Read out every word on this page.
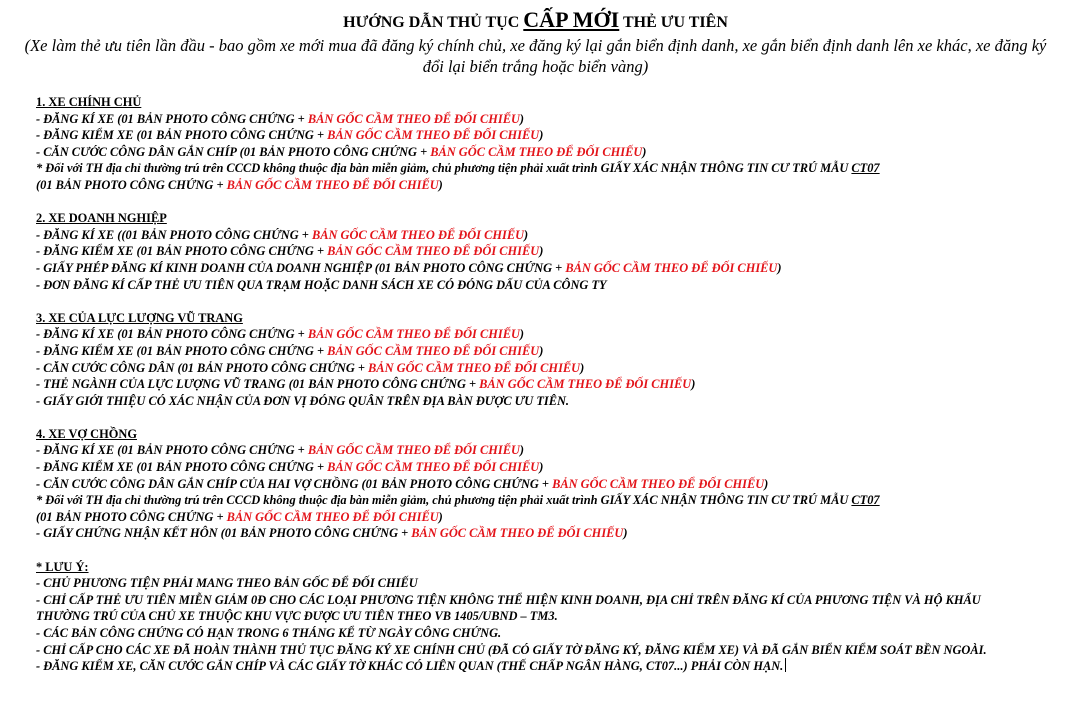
HƯỚNG DẪN THỦ TỤC CẤP MỚI THẺ ƯU TIÊN
(Xe làm thẻ ưu tiên lần đầu - bao gồm xe mới mua đã đăng ký chính chủ, xe đăng ký lại gắn biển định danh, xe gắn biển định danh lên xe khác, xe đăng ký đổi lại biển trắng hoặc biển vàng)
1. XE CHÍNH CHỦ
- ĐĂNG KÍ XE (01 BẢN PHOTO CÔNG CHỨNG + BẢN GỐC CẦM THEO ĐỂ ĐỐI CHIẾU)
- ĐĂNG KIỂM XE (01 BẢN PHOTO CÔNG CHỨNG + BẢN GỐC CẦM THEO ĐỂ ĐỐI CHIẾU)
- CĂN CƯỚC CÔNG DÂN GẮN CHÍP (01 BẢN PHOTO CÔNG CHỨNG + BẢN GỐC CẦM THEO ĐỂ ĐỐI CHIẾU)
* Đối với TH địa chỉ thường trú trên CCCD không thuộc địa bàn miễn giảm, chủ phương tiện phải xuất trình GIẤY XÁC NHẬN THÔNG TIN CƯ TRÚ MẪU CT07
(01 BẢN PHOTO CÔNG CHỨNG + BẢN GỐC CẦM THEO ĐỂ ĐỐI CHIẾU)
2. XE DOANH NGHIỆP
- ĐĂNG KÍ XE ((01 BẢN PHOTO CÔNG CHỨNG + BẢN GỐC CẦM THEO ĐỂ ĐỐI CHIẾU)
- ĐĂNG KIỂM XE (01 BẢN PHOTO CÔNG CHỨNG + BẢN GỐC CẦM THEO ĐỂ ĐỐI CHIẾU)
- GIẤY PHÉP ĐĂNG KÍ KINH DOANH CỦA DOANH NGHIỆP (01 BẢN PHOTO CÔNG CHỨNG + BẢN GỐC CẦM THEO ĐỂ ĐỐI CHIẾU)
- ĐƠN ĐĂNG KÍ CẤP THẺ ƯU TIÊN QUA TRẠM HOẶC DANH SÁCH XE CÓ ĐÓNG DẤU CỦA CÔNG TY
3. XE CỦA LỰC LƯỢNG VŨ TRANG
- ĐĂNG KÍ XE (01 BẢN PHOTO CÔNG CHỨNG + BẢN GỐC CẦM THEO ĐỂ ĐỐI CHIẾU)
- ĐĂNG KIỂM XE (01 BẢN PHOTO CÔNG CHỨNG + BẢN GỐC CẦM THEO ĐỂ ĐỐI CHIẾU)
- CĂN CƯỚC CÔNG DÂN (01 BẢN PHOTO CÔNG CHỨNG + BẢN GỐC CẦM THEO ĐỂ ĐỐI CHIẾU)
- THẺ NGÀNH CỦA LỰC LƯỢNG VŨ TRANG (01 BẢN PHOTO CÔNG CHỨNG + BẢN GỐC CẦM THEO ĐỂ ĐỐI CHIẾU)
- GIẤY GIỚI THIỆU CÓ XÁC NHẬN CỦA ĐƠN VỊ ĐÓNG QUÂN TRÊN ĐỊA BÀN ĐƯỢC ƯU TIÊN.
4. XE VỢ CHỒNG
- ĐĂNG KÍ XE (01 BẢN PHOTO CÔNG CHỨNG + BẢN GỐC CẦM THEO ĐỂ ĐỐI CHIẾU)
- ĐĂNG KIỂM XE (01 BẢN PHOTO CÔNG CHỨNG + BẢN GỐC CẦM THEO ĐỂ ĐỐI CHIẾU)
- CĂN CƯỚC CÔNG DÂN GẮN CHÍP CỦA HAI VỢ CHỒNG (01 BẢN PHOTO CÔNG CHỨNG + BẢN GỐC CẦM THEO ĐỂ ĐỐI CHIẾU)
* Đối với TH địa chỉ thường trú trên CCCD không thuộc địa bàn miễn giảm, chủ phương tiện phải xuất trình GIẤY XÁC NHẬN THÔNG TIN CƯ TRÚ MẪU CT07
(01 BẢN PHOTO CÔNG CHỨNG + BẢN GỐC CẦM THEO ĐỂ ĐỐI CHIẾU)
- GIẤY CHỨNG NHẬN KẾT HÔN (01 BẢN PHOTO CÔNG CHỨNG + BẢN GỐC CẦM THEO ĐỂ ĐỐI CHIẾU)
* LƯU Ý:
- CHỦ PHƯƠNG TIỆN PHẢI MANG THEO BẢN GỐC ĐỂ ĐỐI CHIẾU
- CHỈ CẤP THẺ ƯU TIÊN MIỄN GIẢM 0Đ CHO CÁC LOẠI PHƯƠNG TIỆN KHÔNG THỂ HIỆN KINH DOANH, ĐỊA CHỈ TRÊN ĐĂNG KÍ CỦA PHƯƠNG TIỆN VÀ HỘ KHẨU THƯỜNG TRÚ CỦA CHỦ XE THUỘC KHU VỰC ĐƯỢC ƯU TIÊN THEO VB 1405/UBND – TM3.
- CÁC BẢN CÔNG CHỨNG CÓ HẠN TRONG 6 THÁNG KỂ TỪ NGÀY CÔNG CHỨNG.
- CHỈ CẤP CHO CÁC XE ĐÃ HOÀN THÀNH THỦ TỤC ĐĂNG KÝ XE CHÍNH CHỦ (ĐÃ CÓ GIẤY TỜ ĐĂNG KÝ, ĐĂNG KIỂM XE) VÀ ĐÃ GẮN BIỂN KIỂM SOÁT BỀN NGOÀI.
- ĐĂNG KIỂM XE, CĂN CƯỚC GẮN CHÍP VÀ CÁC GIẤY TỜ KHÁC CÓ LIÊN QUAN (THẾ CHẤP NGÂN HÀNG, CT07...) PHẢI CÒN HẠN.
